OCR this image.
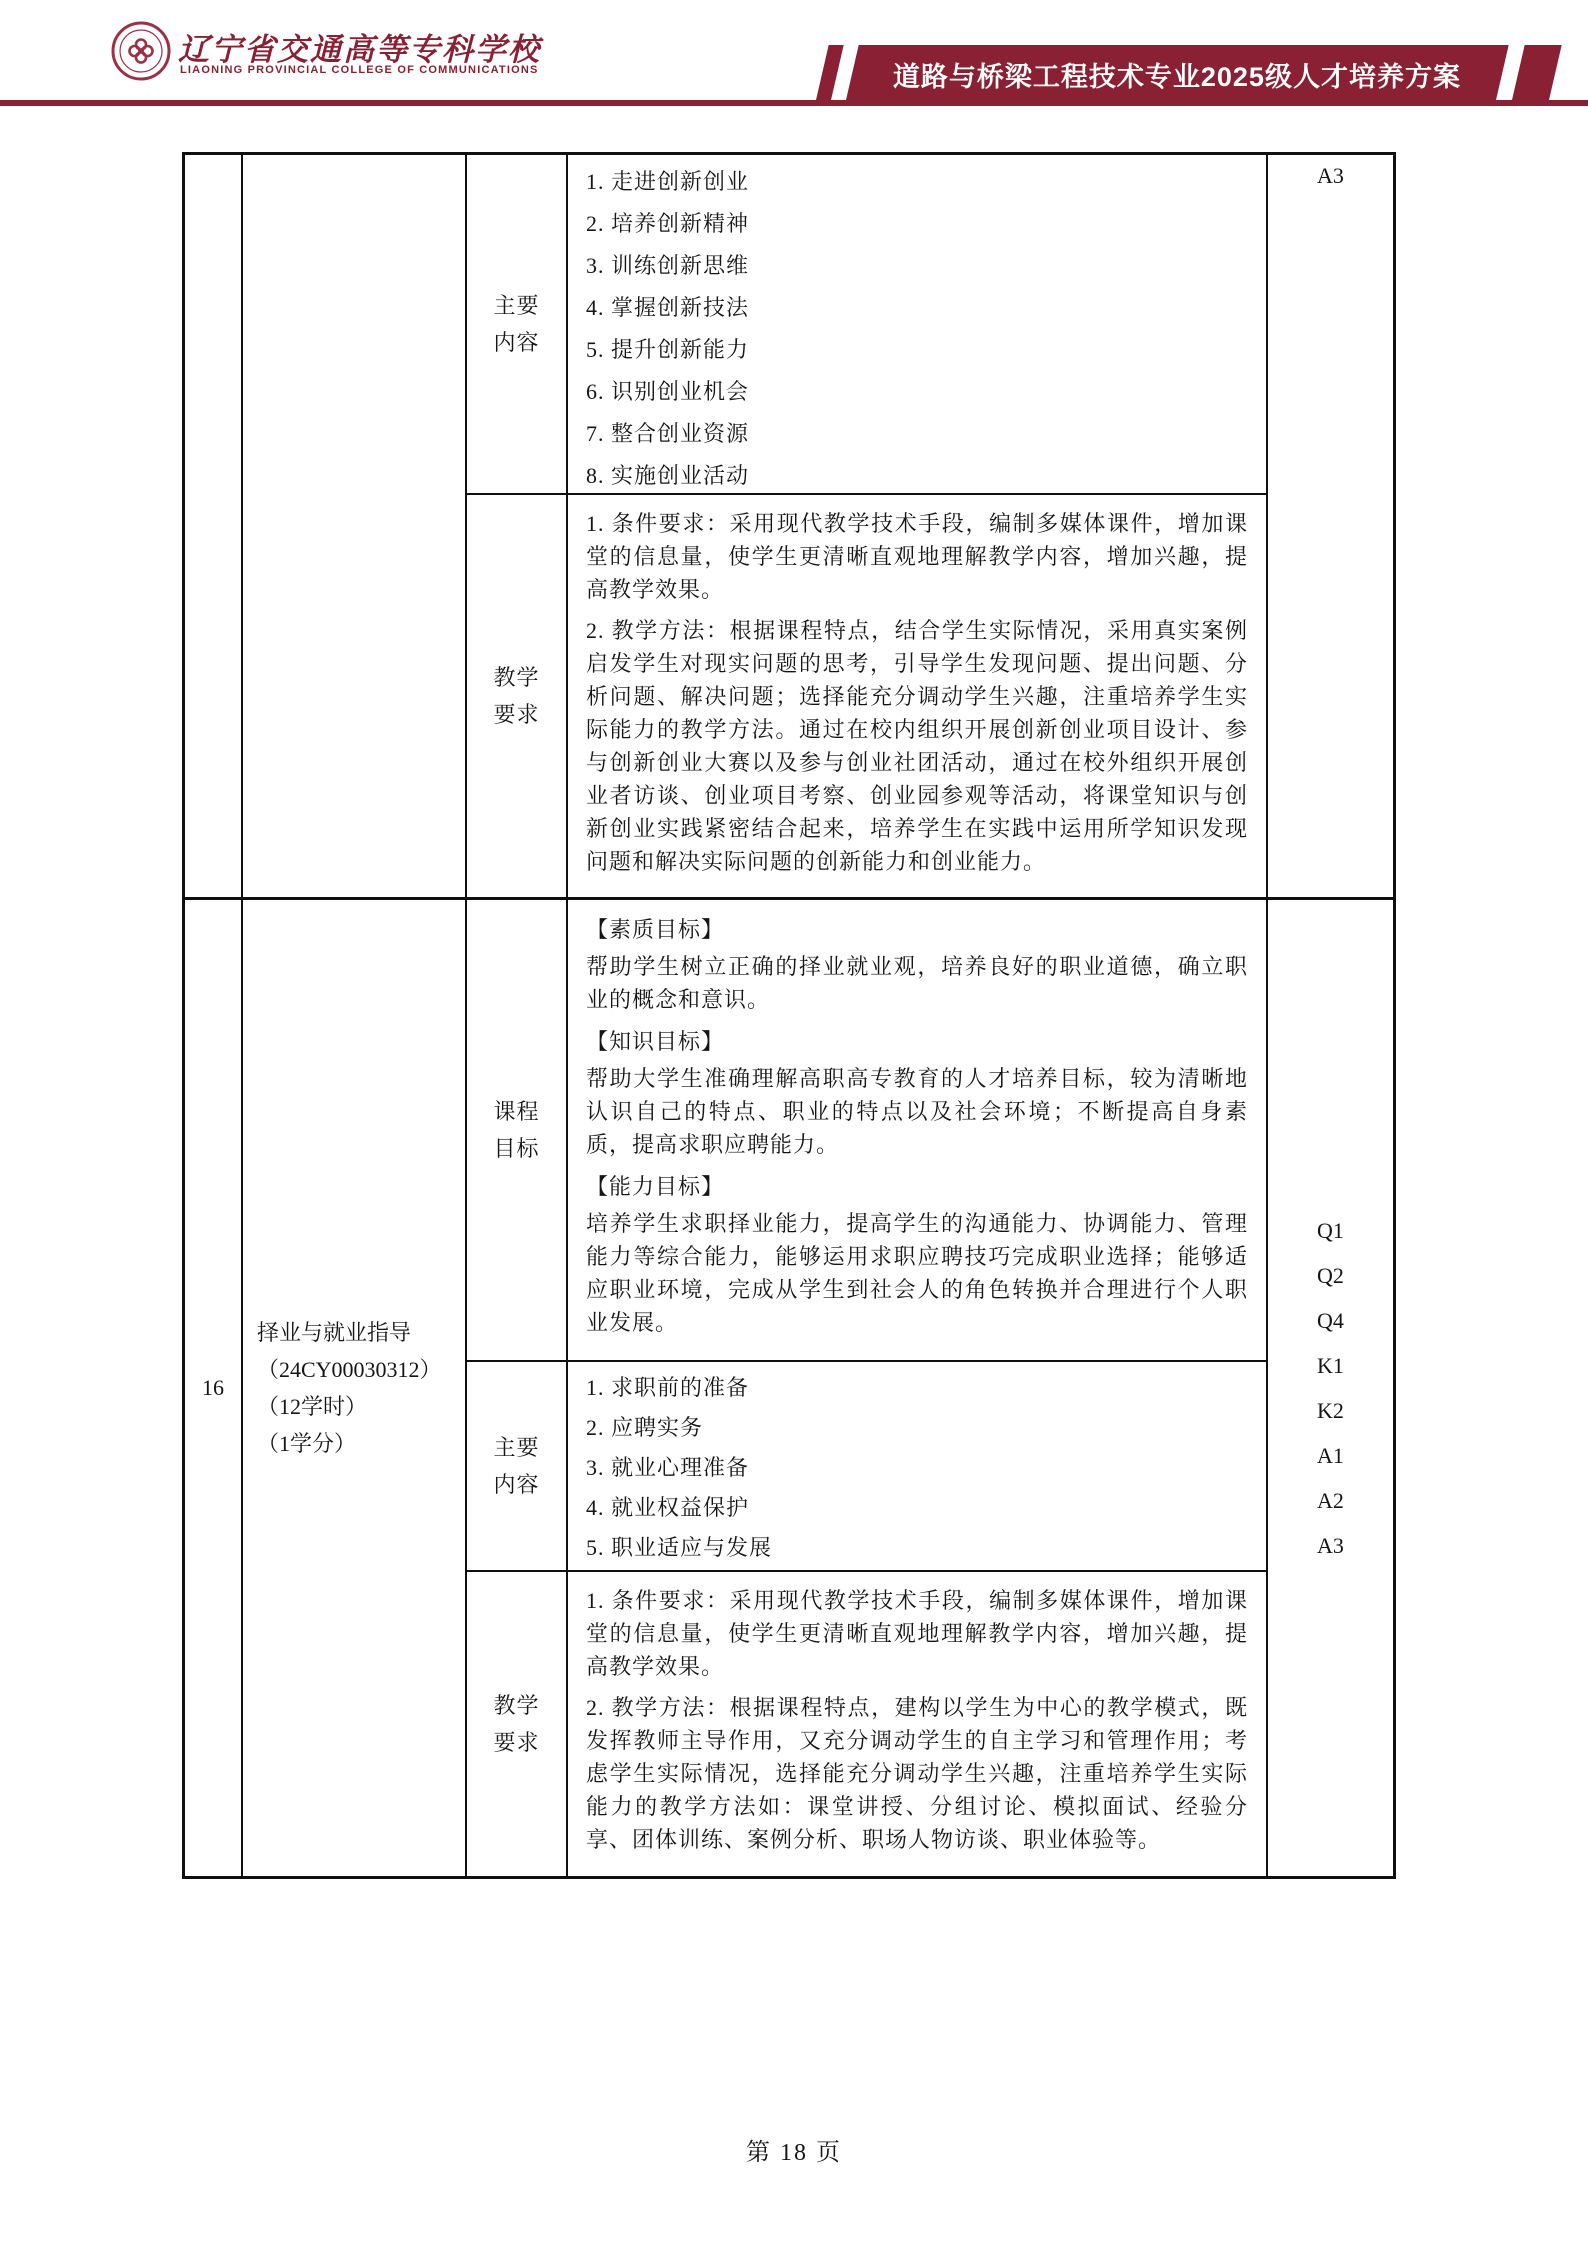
辽宁省交通高等专科学校
LIAONING PROVINCIAL COLLEGE OF COMMUNICATIONS	道路与桥梁工程技术专业2025级人才培养方案
主要内容
1. 走进创新创业
2. 培养创新精神
3. 训练创新思维
4. 掌握创新技法
5. 提升创新能力
6. 识别创业机会
7. 整合创业资源
8. 实施创业活动
教学要求

1. 条件要求：采用现代教学技术手段，编制多媒体课件，增加课堂的信息量，使学生更清晰直观地理解教学内容，增加兴趣，提高教学效果。

2. 教学方法：根据课程特点，结合学生实际情况，采用真实案例启发学生对现实问题的思考，引导学生发现问题、提出问题、分析问题、解决问题；选择能充分调动学生兴趣，注重培养学生实际能力的教学方法。通过在校内组织开展创新创业项目设计、参与创新创业大赛以及参与创业社团活动，通过在校外组织开展创业者访谈、创业项目考察、创业园参观等活动，将课堂知识与创新创业实践紧密结合起来，培养学生在实践中运用所学知识发现问题和解决实际问题的创新能力和创业能力。

A3
16
择业与就业指导
（24CY00030312）
（12学时）
（1学分）
课程目标
【素质目标】
帮助学生树立正确的择业就业观，培养良好的职业道德，确立职业的概念和意识。
【知识目标】
帮助大学生准确理解高职高专教育的人才培养目标，较为清晰地认识自己的特点、职业的特点以及社会环境；不断提高自身素质，提高求职应聘能力。
【能力目标】
培养学生求职择业能力，提高学生的沟通能力、协调能力、管理能力等综合能力，能够运用求职应聘技巧完成职业选择；能够适应职业环境，完成从学生到社会人的角色转换并合理进行个人职业发展。
主要内容
1. 求职前的准备
2. 应聘实务
3. 就业心理准备
4. 就业权益保护
5. 职业适应与发展
教学要求

1. 条件要求：采用现代教学技术手段，编制多媒体课件，增加课堂的信息量，使学生更清晰直观地理解教学内容，增加兴趣，提高教学效果。

2. 教学方法：根据课程特点，建构以学生为中心的教学模式，既发挥教师主导作用，又充分调动学生的自主学习和管理作用；考虑学生实际情况，选择能充分调动学生兴趣，注重培养学生实际能力的教学方法如：课堂讲授、分组讨论、模拟面试、经验分享、团体训练、案例分析、职场人物访谈、职业体验等。

Q1
Q2
Q4
K1
K2
A1
A2
A3
第 18 页
